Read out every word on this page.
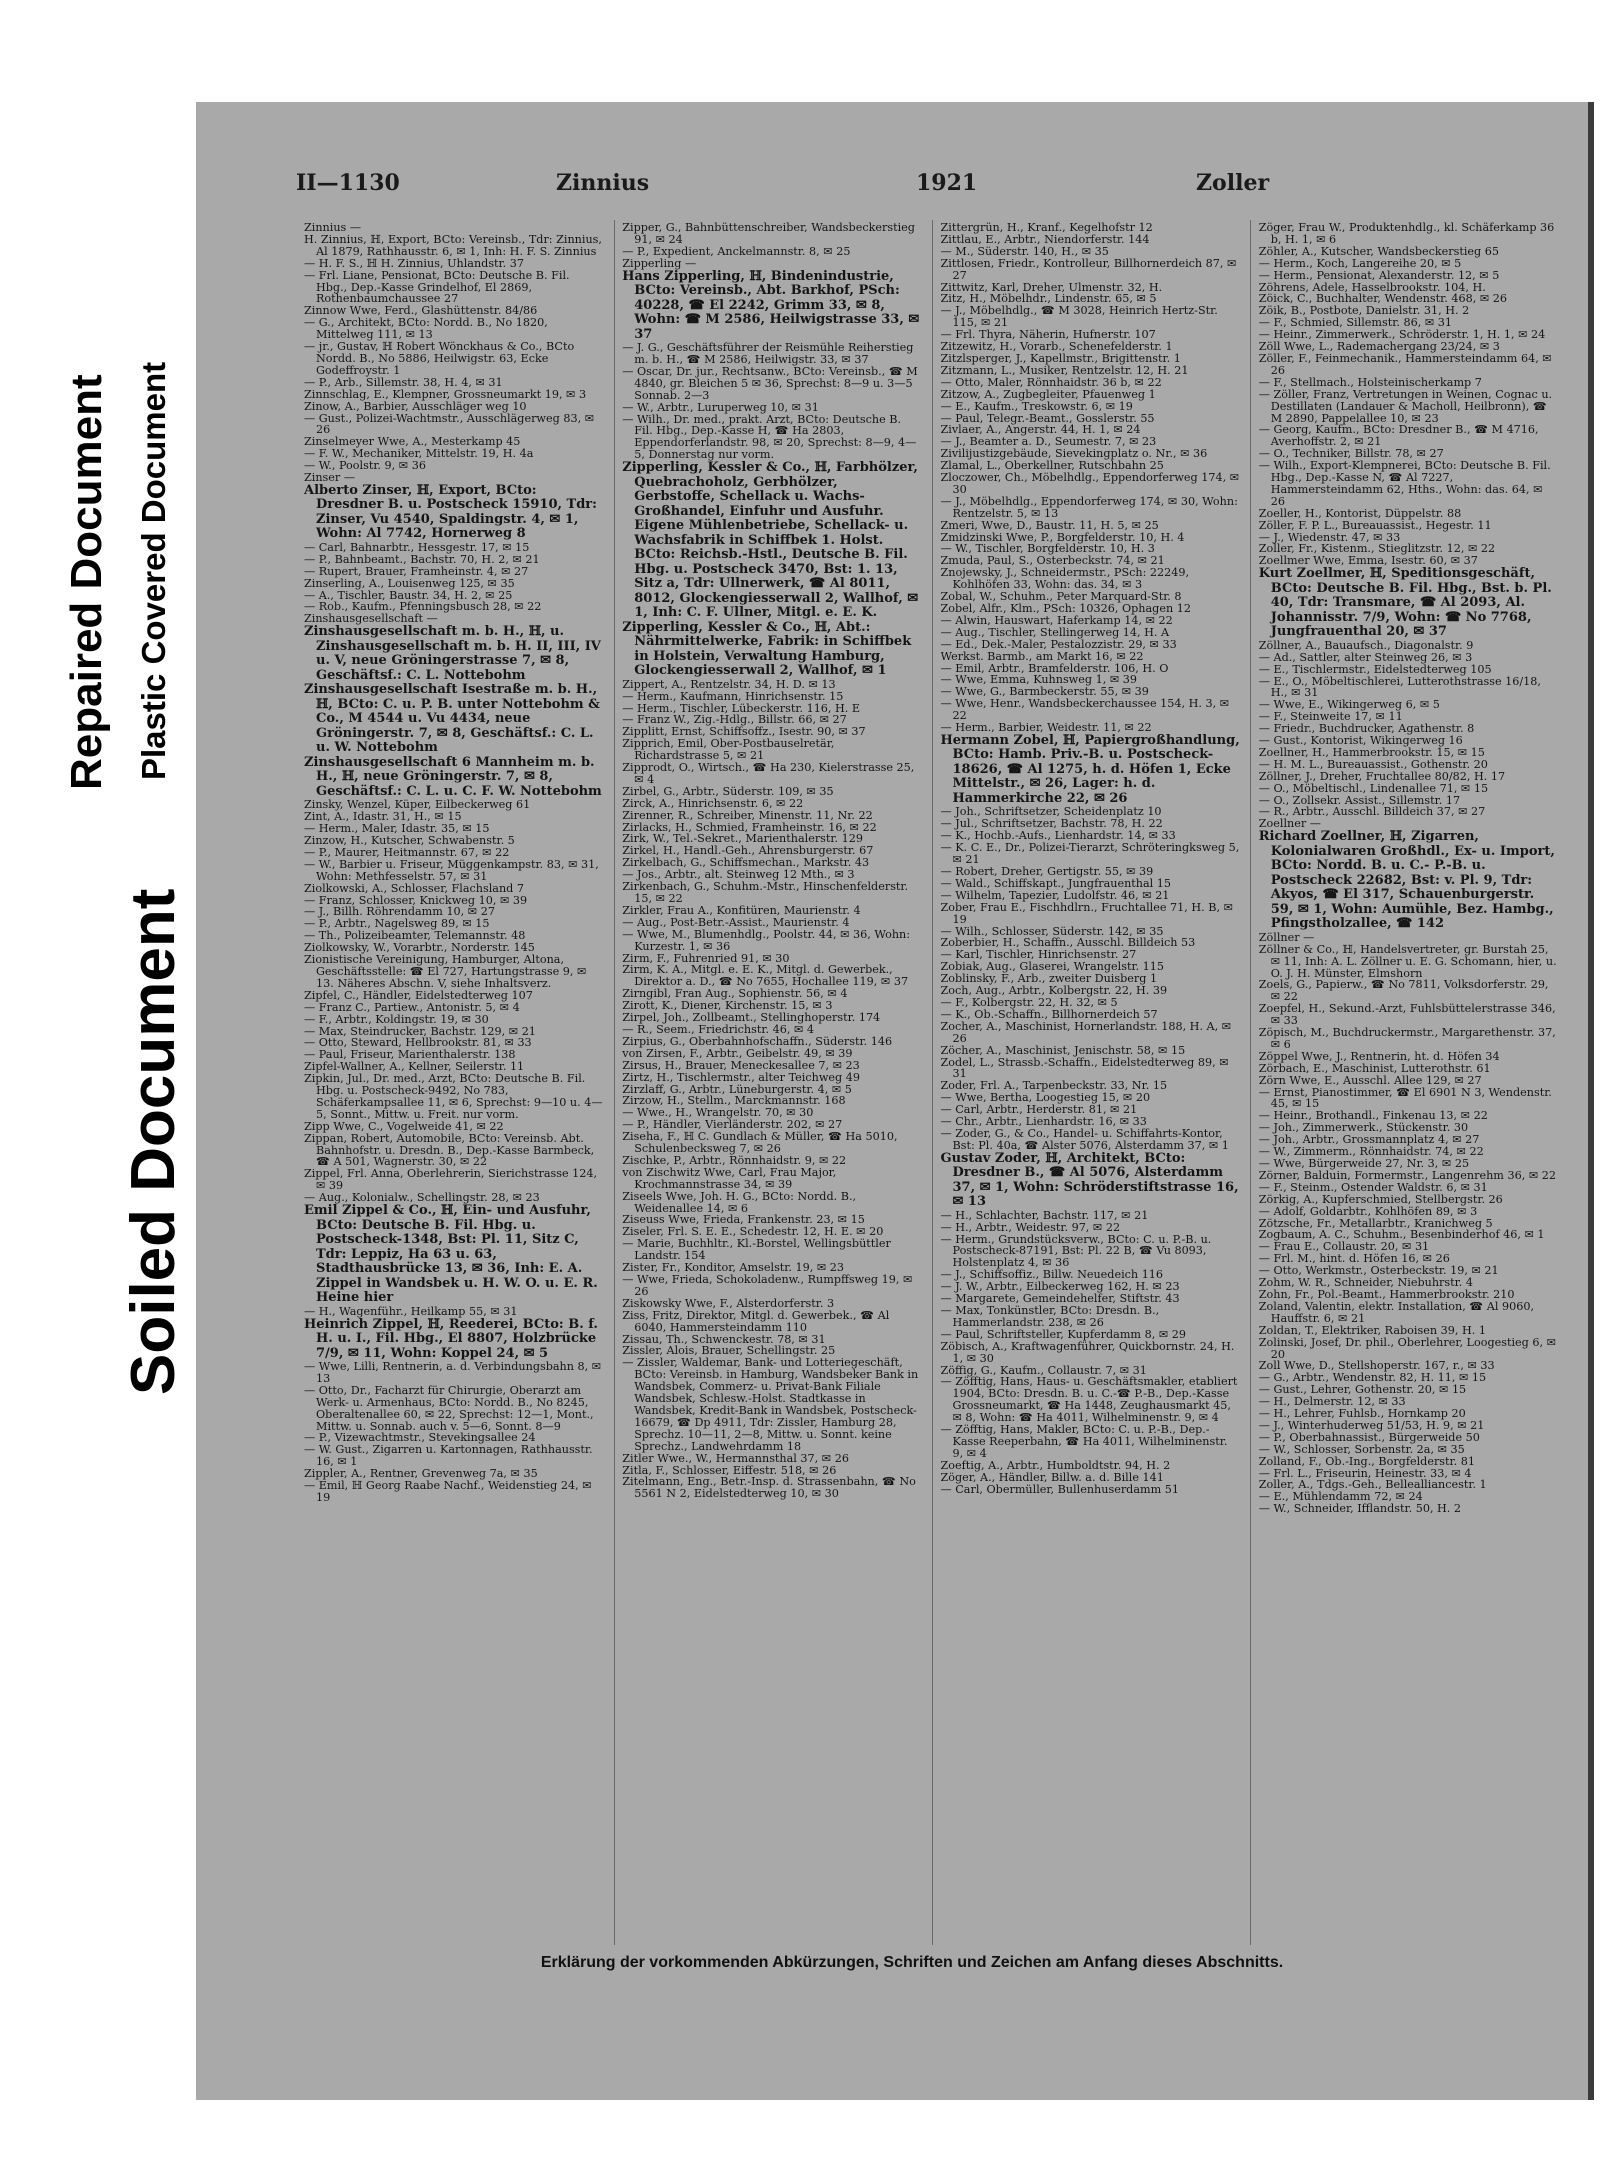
Repaired Document Plastic Covered Document
Soiled Document
II—1130	Zinnius	1921	Zoller

Zinnius —

H. Zinnius, ℍ, Export, BCto: Vereinsb., Tdr: Zinnius, Al 1879, Rathhausstr. 6, ✉ 1, Inh: H. F. S. Zinnius

— H. F. S., ℍ H. Zinnius, Uhlandstr. 37

— Frl. Liane, Pensionat, BCto: Deutsche B. Fil. Hbg., Dep.-Kasse Grindelhof, El 2869, Rothenbaumchaussee 27

Zinnow Wwe, Ferd., Glashüttenstr. 84/86

— G., Architekt, BCto: Nordd. B., No 1820, Mittelweg 111, ✉ 13

— jr., Gustav, ℍ Robert Wönckhaus & Co., BCto Nordd. B., No 5886, Heilwigstr. 63, Ecke Godeffroystr. 1

— P., Arb., Sillemstr. 38, H. 4, ✉ 31

Zinnschlag, E., Klempner, Grossneumarkt 19, ✉ 3

Zinow, A., Barbier, Ausschläger weg 10

— Gust., Polizei-Wachtmstr., Ausschlägerweg 83, ✉ 26

Zinselmeyer Wwe, A., Mesterkamp 45

— F. W., Mechaniker, Mittelstr. 19, H. 4a

— W., Poolstr. 9, ✉ 36

Zinser —

Alberto Zinser, ℍ, Export, BCto: Dresdner B. u. Postscheck 15910, Tdr: Zinser, Vu 4540, Spaldingstr. 4, ✉ 1, Wohn: Al 7742, Hornerweg 8

— Carl, Bahnarbtr., Hessgestr. 17, ✉ 15

— P., Bahnbeamt., Bachstr. 70, H. 2, ✉ 21

— Rupert, Brauer, Framheinstr. 4, ✉ 27

Zinserling, A., Louisenweg 125, ✉ 35

— A., Tischler, Baustr. 34, H. 2, ✉ 25

— Rob., Kaufm., Pfenningsbusch 28, ✉ 22

Zinshausgesellschaft —

Zinshausgesellschaft m. b. H., ℍ, u. Zinshausgesellschaft m. b. H. II, III, IV u. V, neue Gröningerstrasse 7, ✉ 8, Geschäftsf.: C. L. Nottebohm

Zinshausgesellschaft Isestraße m. b. H., ℍ, BCto: C. u. P. B. unter Nottebohm & Co., M 4544 u. Vu 4434, neue Gröningerstr. 7, ✉ 8, Geschäftsf.: C. L. u. W. Nottebohm

Zinshausgesellschaft 6 Mannheim m. b. H., ℍ, neue Gröningerstr. 7, ✉ 8, Geschäftsf.: C. L. u. C. F. W. Nottebohm

Zinsky, Wenzel, Küper, Eilbeckerweg 61

Zint, A., Idastr. 31, H., ✉ 15

— Herm., Maler, Idastr. 35, ✉ 15

Zinzow, H., Kutscher, Schwabenstr. 5

— P., Maurer, Heitmannstr. 67, ✉ 22

— W., Barbier u. Friseur, Müggenkampstr. 83, ✉ 31, Wohn: Methfesselstr. 57, ✉ 31

Ziolkowski, A., Schlosser, Flachsland 7

— Franz, Schlosser, Knickweg 10, ✉ 39

— J., Billh. Röhrendamm 10, ✉ 27

— P., Arbtr., Nagelsweg 89, ✉ 15

— Th., Polizeibeamter, Telemannstr. 48

Ziolkowsky, W., Vorarbtr., Norderstr. 145

Zionistische Vereinigung, Hamburger, Altona, Geschäftsstelle: ☎ El 727, Hartungstrasse 9, ✉ 13. Näheres Abschn. V, siehe Inhaltsverz.

Zipfel, C., Händler, Eidelstedterweg 107

— Franz C., Partiew., Antonistr. 5, ✉ 4

— F., Arbtr., Koldingstr. 19, ✉ 30

— Max, Steindrucker, Bachstr. 129, ✉ 21

— Otto, Steward, Hellbrookstr. 81, ✉ 33

— Paul, Friseur, Marienthalerstr. 138

Zipfel-Wallner, A., Kellner, Seilerstr. 11

Zipkin, Jul., Dr. med., Arzt, BCto: Deutsche B. Fil. Hbg. u. Postscheck-9492, No 783, Schäferkampsallee 11, ✉ 6, Sprechst: 9—10 u. 4—5, Sonnt., Mittw. u. Freit. nur vorm.

Zipp Wwe, C., Vogelweide 41, ✉ 22

Zippan, Robert, Automobile, BCto: Vereinsb. Abt. Bahnhofstr. u. Dresdn. B., Dep.-Kasse Barmbeck, ☎ A 501, Wagnerstr. 30, ✉ 22

Zippel, Frl. Anna, Oberlehrerin, Sierichstrasse 124, ✉ 39

— Aug., Kolonialw., Schellingstr. 28, ✉ 23

Emil Zippel & Co., ℍ, Ein- und Ausfuhr, BCto: Deutsche B. Fil. Hbg. u. Postscheck-1348, Bst: Pl. 11, Sitz C, Tdr: Leppiz, Ha 63 u. 63, Stadthausbrücke 13, ✉ 36, Inh: E. A. Zippel in Wandsbek u. H. W. O. u. E. R. Heine hier

— H., Wagenführ., Heilkamp 55, ✉ 31

Heinrich Zippel, ℍ, Reederei, BCto: B. f. H. u. I., Fil. Hbg., El 8807, Holzbrücke 7/9, ✉ 11, Wohn: Koppel 24, ✉ 5

— Wwe, Lilli, Rentnerin, a. d. Verbindungsbahn 8, ✉ 13

— Otto, Dr., Facharzt für Chirurgie, Oberarzt am Werk- u. Armenhaus, BCto: Nordd. B., No 8245, Oberaltenallee 60, ✉ 22, Sprechst: 12—1, Mont., Mittw. u. Sonnab. auch v. 5—6, Sonnt. 8—9

— P., Vizewachtmstr., Stevekingsallee 24

— W. Gust., Zigarren u. Kartonnagen, Rathhausstr. 16, ✉ 1

Zippler, A., Rentner, Grevenweg 7a, ✉ 35

— Emil, ℍ Georg Raabe Nachf., Weidenstieg 24, ✉ 19

Zipper, G., Bahnbüttenschreiber, Wandsbeckerstieg 91, ✉ 24

— P., Expedient, Anckelmannstr. 8, ✉ 25

Zipperling —

Hans Zipperling, ℍ, Bindenindustrie, BCto: Vereinsb., Abt. Barkhof, PSch: 40228, ☎ El 2242, Grimm 33, ✉ 8, Wohn: ☎ M 2586, Heilwigstrasse 33, ✉ 37

— J. G., Geschäftsführer der Reismühle Reiherstieg m. b. H., ☎ M 2586, Heilwigstr. 33, ✉ 37

— Oscar, Dr. jur., Rechtsanw., BCto: Vereinsb., ☎ M 4840, gr. Bleichen 5 ✉ 36, Sprechst: 8—9 u. 3—5 Sonnab. 2—3

— W., Arbtr., Luruperweg 10, ✉ 31

— Wilh., Dr. med., prakt. Arzt, BCto: Deutsche B. Fil. Hbg., Dep.-Kasse H, ☎ Ha 2803, Eppendorferlandstr. 98, ✉ 20, Sprechst: 8—9, 4—5, Donnerstag nur vorm.

Zipperling, Kessler & Co., ℍ, Farbhölzer, Quebrachoholz, Gerbhölzer, Gerbstoffe, Schellack u. Wachs-Großhandel, Einfuhr und Ausfuhr. Eigene Mühlenbetriebe, Schellack- u. Wachsfabrik in Schiffbek 1. Holst. BCto: Reichsb.-Hstl., Deutsche B. Fil. Hbg. u. Postscheck 3470, Bst: 1. 13, Sitz a, Tdr: Ullnerwerk, ☎ Al 8011, 8012, Glockengiesserwall 2, Wallhof, ✉ 1, Inh: C. F. Ullner, Mitgl. e. E. K.

Zipperling, Kessler & Co., ℍ, Abt.: Nährmittelwerke, Fabrik: in Schiffbek in Holstein, Verwaltung Hamburg, Glockengiesserwall 2, Wallhof, ✉ 1

Zippert, A., Rentzelstr. 34, H. D. ✉ 13

— Herm., Kaufmann, Hinrichsenstr. 15

— Herm., Tischler, Lübeckerstr. 116, H. E

— Franz W., Zig.-Hdlg., Billstr. 66, ✉ 27

Zipplitt, Ernst, Schiffsoffz., Isestr. 90, ✉ 37

Zipprich, Emil, Ober-Postbauselretär, Richardstrasse 5, ✉ 21

Zipprodt, O., Wirtsch., ☎ Ha 230, Kielerstrasse 25, ✉ 4

Zirbel, G., Arbtr., Süderstr. 109, ✉ 35

Zirck, A., Hinrichsenstr. 6, ✉ 22

Zirenner, R., Schreiber, Minenstr. 11, Nr. 22

Zirlacks, H., Schmied, Framheinstr. 16, ✉ 22

Zirk, W., Tel.-Sekret., Marienthalerstr. 129

Zirkel, H., Handl.-Geh., Ahrensburgerstr. 67

Zirkelbach, G., Schiffsmechan., Markstr. 43

— Jos., Arbtr., alt. Steinweg 12 Mth., ✉ 3

Zirkenbach, G., Schuhm.-Mstr., Hinschenfelderstr. 15, ✉ 22

Zirkler, Frau A., Konfitüren, Maurienstr. 4

— Aug., Post-Betr.-Assist., Maurienstr. 4

— Wwe, M., Blumenhdlg., Poolstr. 44, ✉ 36, Wohn: Kurzestr. 1, ✉ 36

Zirm, F., Fuhrenried 91, ✉ 30

Zirm, K. A., Mitgl. e. E. K., Mitgl. d. Gewerbek., Direktor a. D., ☎ No 7655, Hochallee 119, ✉ 37

Zirngibl, Fran Aug., Sophienstr. 56, ✉ 4

Zirott, K., Diener, Kirchenstr. 15, ✉ 3

Zirpel, Joh., Zollbeamt., Stellinghoperstr. 174

— R., Seem., Friedrichstr. 46, ✉ 4

Zirpius, G., Oberbahnhofschaffn., Süderstr. 146

von Zirsen, F., Arbtr., Geibelstr. 49, ✉ 39

Zirsus, H., Brauer, Meneckesallee 7, ✉ 23

Zirtz, H., Tischlermstr., alter Teichweg 49

Zirzlaff, G., Arbtr., Lüneburgerstr. 4, ✉ 5

Zirzow, H., Stellm., Marckmannstr. 168

— Wwe., H., Wrangelstr. 70, ✉ 30

— P., Händler, Vierländerstr. 202, ✉ 27

Ziseha, F., ℍ C. Gundlach & Müller, ☎ Ha 5010, Schulenbecksweg 7, ✉ 26

Zischke, P., Arbtr., Rönnhaidstr. 9, ✉ 22

von Zischwitz Wwe, Carl, Frau Major, Krochmannstrasse 34, ✉ 39

Ziseels Wwe, Joh. H. G., BCto: Nordd. B., Weidenallee 14, ✉ 6

Ziseuss Wwe, Frieda, Frankenstr. 23, ✉ 15

Ziseler, Frl. S. E. E., Schedestr. 12, H. E. ✉ 20

— Marie, Buchhltr., Kl.-Borstel, Wellingsbüttler Landstr. 154

Zister, Fr., Konditor, Amselstr. 19, ✉ 23

— Wwe, Frieda, Schokoladenw., Rumpffsweg 19, ✉ 26

Ziskowsky Wwe, F., Alsterdorferstr. 3

Ziss, Fritz, Direktor, Mitgl. d. Gewerbek., ☎ Al 6040, Hammersteindamm 110

Zissau, Th., Schwenckestr. 78, ✉ 31

Zissler, Alois, Brauer, Schellingstr. 25

— Zissler, Waldemar, Bank- und Lotteriegeschäft, BCto: Vereinsb. in Hamburg, Wandsbeker Bank in Wandsbek, Commerz- u. Privat-Bank Filiale Wandsbek, Schlesw.-Holst. Stadtkasse in Wandsbek, Kredit-Bank in Wandsbek, Postscheck-16679, ☎ Dp 4911, Tdr: Zissler, Hamburg 28, Sprechz. 10—11, 2—8, Mittw. u. Sonnt. keine Sprechz., Landwehrdamm 18

Zitler Wwe., W., Hermannsthal 37, ✉ 26

Zitla, F., Schlosser, Eiffestr. 518, ✉ 26

Zitelmann, Eng., Betr.-Insp. d. Strassenbahn, ☎ No 5561 N 2, Eidelstedterweg 10, ✉ 30

Zittergrün, H., Kranf., Kegelhofstr 12

Zittlau, E., Arbtr., Niendorferstr. 144

— M., Süderstr. 140, H., ✉ 35

Zittlosen, Friedr., Kontrolleur, Billhornerdeich 87, ✉ 27

Zittwitz, Karl, Dreher, Ulmenstr. 32, H.

Zitz, H., Möbelhdr., Lindenstr. 65, ✉ 5

— J., Möbelhdlg., ☎ M 3028, Heinrich Hertz-Str. 115, ✉ 21

— Frl. Thyra, Näherin, Hufnerstr. 107

Zitzewitz, H., Vorarb., Schenefelderstr. 1

Zitzlsperger, J., Kapellmstr., Brigittenstr. 1

Zitzmann, L., Musiker, Rentzelstr. 12, H. 21

— Otto, Maler, Rönnhaidstr. 36 b, ✉ 22

Zitzow, A., Zugbegleiter, Pfauenweg 1

— E., Kaufm., Treskowstr. 6, ✉ 19

— Paul, Telegr.-Beamt., Gosslerstr. 55

Zivlaer, A., Angerstr. 44, H. 1, ✉ 24

— J., Beamter a. D., Seumestr. 7, ✉ 23

Zivilijustizgebäude, Sievekingplatz o. Nr., ✉ 36

Zlamal, L., Oberkellner, Rutschbahn 25

Zloczower, Ch., Möbelhdlg., Eppendorferweg 174, ✉ 30

— J., Möbelhdlg., Eppendorferweg 174, ✉ 30, Wohn: Rentzelstr. 5, ✉ 13

Zmeri, Wwe, D., Baustr. 11, H. 5, ✉ 25

Zmidzinski Wwe, P., Borgfelderstr. 10, H. 4

— W., Tischler, Borgfelderstr. 10, H. 3

Zmuda, Paul, S., Osterbeckstr. 74, ✉ 21

Znojewsky, J., Schneidermstr., PSch: 22249, Kohlhöfen 33, Wohn: das. 34, ✉ 3

Zobal, W., Schuhm., Peter Marquard-Str. 8

Zobel, Alfr., Klm., PSch: 10326, Ophagen 12

— Alwin, Hauswart, Haferkamp 14, ✉ 22

— Aug., Tischler, Stellingerweg 14, H. A

— Ed., Dek.-Maler, Pestalozzistr. 29, ✉ 33

Werkst. Barmb., am Markt 16, ✉ 22

— Emil, Arbtr., Bramfelderstr. 106, H. O

— Wwe, Emma, Kuhnsweg 1, ✉ 39

— Wwe, G., Barmbeckerstr. 55, ✉ 39

— Wwe, Henr., Wandsbeckerchaussee 154, H. 3, ✉ 22

— Herm., Barbier, Weidestr. 11, ✉ 22

Hermann Zobel, ℍ, Papiergroßhandlung, BCto: Hamb. Priv.-B. u. Postscheck-18626, ☎ Al 1275, h. d. Höfen 1, Ecke Mittelstr., ✉ 26, Lager: h. d. Hammerkirche 22, ✉ 26

— Joh., Schriftsetzer, Scheidenplatz 10

— Jul., Schriftsetzer, Bachstr. 78, H. 22

— K., Hochb.-Aufs., Lienhardstr. 14, ✉ 33

— K. C. E., Dr., Polizei-Tierarzt, Schröteringksweg 5, ✉ 21

— Robert, Dreher, Gertigstr. 55, ✉ 39

— Wald., Schiffskapt., Jungfrauenthal 15

— Wilhelm, Tapezier, Ludolfstr. 46, ✉ 21

Zober, Frau E., Fischhdlrn., Fruchtallee 71, H. B, ✉ 19

— Wilh., Schlosser, Süderstr. 142, ✉ 35

Zoberbier, H., Schaffn., Ausschl. Billdeich 53

— Karl, Tischler, Hinrichsenstr. 27

Zobiak, Aug., Glaserei, Wrangelstr. 115

Zoblinsky, F., Arb., zweiter Duisberg 1

Zoch, Aug., Arbtr., Kolbergstr. 22, H. 39

— F., Kolbergstr. 22, H. 32, ✉ 5

— K., Ob.-Schaffn., Billhornerdeich 57

Zocher, A., Maschinist, Hornerlandstr. 188, H. A, ✉ 26

Zöcher, A., Maschinist, Jenischstr. 58, ✉ 15

Zodel, L., Strassb.-Schaffn., Eidelstedterweg 89, ✉ 31

Zoder, Frl. A., Tarpenbeckstr. 33, Nr. 15

— Wwe, Bertha, Loogestieg 15, ✉ 20

— Carl, Arbtr., Herderstr. 81, ✉ 21

— Chr., Arbtr., Lienhardstr. 16, ✉ 33

— Zoder, G., & Co., Handel- u. Schiffahrts-Kontor, Bst: Pl. 40a, ☎ Alster 5076, Alsterdamm 37, ✉ 1

Gustav Zoder, ℍ, Architekt, BCto: Dresdner B., ☎ Al 5076, Alsterdamm 37, ✉ 1, Wohn: Schröderstiftstrasse 16, ✉ 13

— H., Schlachter, Bachstr. 117, ✉ 21

— H., Arbtr., Weidestr. 97, ✉ 22

— Herm., Grundstücksverw., BCto: C. u. P.-B. u. Postscheck-87191, Bst: Pl. 22 B, ☎ Vu 8093, Holstenplatz 4, ✉ 36

— J., Schiffsoffiz., Billw. Neuedeich 116

— J. W., Arbtr., Eilbeckerweg 162, H. ✉ 23

— Margarete, Gemeindehelfer, Stiftstr. 43

— Max, Tonkünstler, BCto: Dresdn. B., Hammerlandstr. 238, ✉ 26

— Paul, Schriftsteller, Kupferdamm 8, ✉ 29

Zöbisch, A., Kraftwagenführer, Quickbornstr. 24, H. 1, ✉ 30

Zöffig, G., Kaufm., Collaustr. 7, ✉ 31

— Zöfftig, Hans, Haus- u. Geschäftsmakler, etabliert 1904, BCto: Dresdn. B. u. C.-☎ P.-B., Dep.-Kasse Grossneumarkt, ☎ Ha 1448, Zeughausmarkt 45, ✉ 8, Wohn: ☎ Ha 4011, Wilhelminenstr. 9, ✉ 4

— Zöfftig, Hans, Makler, BCto: C. u. P.-B., Dep.-Kasse Reeperbahn, ☎ Ha 4011, Wilhelminenstr. 9, ✉ 4

Zoeftig, A., Arbtr., Humboldtstr. 94, H. 2

Zöger, A., Händler, Billw. a. d. Bille 141

— Carl, Obermüller, Bullenhuserdamm 51

Zöger, Frau W., Produktenhdlg., kl. Schäferkamp 36 b, H. 1, ✉ 6

Zöhler, A., Kutscher, Wandsbeckerstieg 65

— Herm., Koch, Langereihe 20, ✉ 5

— Herm., Pensionat, Alexanderstr. 12, ✉ 5

Zöhrens, Adele, Hasselbrookstr. 104, H.

Zöick, C., Buchhalter, Wendenstr. 468, ✉ 26

Zöik, B., Postbote, Danielstr. 31, H. 2

— F., Schmied, Sillemstr. 86, ✉ 31

— Heinr., Zimmerwerk., Schröderstr. 1, H. 1, ✉ 24

Zöll Wwe, L., Rademachergang 23/24, ✉ 3

Zöller, F., Feinmechanik., Hammersteindamm 64, ✉ 26

— F., Stellmach., Holsteinischerkamp 7

— Zöller, Franz, Vertretungen in Weinen, Cognac u. Destillaten (Landauer & Macholl, Heilbronn), ☎ M 2890, Pappelallee 10, ✉ 23

— Georg, Kaufm., BCto: Dresdner B., ☎ M 4716, Averhoffstr. 2, ✉ 21

— O., Techniker, Billstr. 78, ✉ 27

— Wilh., Export-Klempnerei, BCto: Deutsche B. Fil. Hbg., Dep.-Kasse N, ☎ Al 7227, Hammersteindamm 62, Hths., Wohn: das. 64, ✉ 26

Zoeller, H., Kontorist, Düppelstr. 88

Zöller, F. P. L., Bureauassist., Hegestr. 11

— J., Wiedenstr. 47, ✉ 33

Zoller, Fr., Kistenm., Stieglitzstr. 12, ✉ 22

Zoellmer Wwe, Emma, Isestr. 60, ✉ 37

Kurt Zoellmer, ℍ, Speditionsgeschäft, BCto: Deutsche B. Fil. Hbg., Bst. b. Pl. 40, Tdr: Transmare, ☎ Al 2093, Al. Johannisstr. 7/9, Wohn: ☎ No 7768, Jungfrauenthal 20, ✉ 37

Zöllner, A., Bauaufsch., Diagonalstr. 9

— Ad., Sattler, alter Steinweg 26, ✉ 3

— E., Tischlermstr., Eidelstedterweg 105

— E., O., Möbeltischlerei, Lutterothstrasse 16/18, H., ✉ 31

— Wwe, E., Wikingerweg 6, ✉ 5

— F., Steinweite 17, ✉ 11

— Friedr., Buchdrucker, Agathenstr. 8

— Gust., Kontorist, Wikingerweg 16

Zoellner, H., Hammerbrookstr. 15, ✉ 15

— H. M. L., Bureauassist., Gothenstr. 20

Zöllner, J., Dreher, Fruchtallee 80/82, H. 17

— O., Möbeltischl., Lindenallee 71, ✉ 15

— O., Zollsekr. Assist., Sillemstr. 17

— R., Arbtr., Ausschl. Billdeich 37, ✉ 27

Zoellner —

Richard Zoellner, ℍ, Zigarren, Kolonialwaren Großhdl., Ex- u. Import, BCto: Nordd. B. u. C.- P.-B. u. Postscheck 22682, Bst: v. Pl. 9, Tdr: Akyos, ☎ El 317, Schauenburgerstr. 59, ✉ 1, Wohn: Aumühle, Bez. Hambg., Pfingstholzallee, ☎ 142

Zöllner —

Zöllner & Co., ℍ, Handelsvertreter, gr. Burstah 25, ✉ 11, Inh: A. L. Zöllner u. E. G. Schomann, hier, u. O. J. H. Münster, Elmshorn

Zoels, G., Papierw., ☎ No 7811, Volksdorferstr. 29, ✉ 22

Zoepfel, H., Sekund.-Arzt, Fuhlsbüttelerstrasse 346, ✉ 33

Zöpisch, M., Buchdruckermstr., Margarethenstr. 37, ✉ 6

Zöppel Wwe, J., Rentnerin, ht. d. Höfen 34

Zörbach, E., Maschinist, Lutterothstr. 61

Zörn Wwe, E., Ausschl. Allee 129, ✉ 27

— Ernst, Pianostimmer, ☎ El 6901 N 3, Wendenstr. 45, ✉ 15

— Heinr., Brothandl., Finkenau 13, ✉ 22

— Joh., Zimmerwerk., Stückenstr. 30

— Joh., Arbtr., Grossmannplatz 4, ✉ 27

— W., Zimmerm., Rönnhaidstr. 74, ✉ 22

— Wwe, Bürgerweide 27, Nr. 3, ✉ 25

Zörner, Balduin, Formermstr., Langenrehm 36, ✉ 22

— F., Steinm., Ostender Waldstr. 6, ✉ 31

Zörkig, A., Kupferschmied, Stellbergstr. 26

— Adolf, Goldarbtr., Kohlhöfen 89, ✉ 3

Zötzsche, Fr., Metallarbtr., Kranichweg 5

Zogbaum, A. C., Schuhm., Besenbinderhof 46, ✉ 1

— Frau E., Collaustr. 20, ✉ 31

— Frl. M., hint. d. Höfen 16, ✉ 26

— Otto, Werkmstr., Osterbeckstr. 19, ✉ 21

Zohm, W. R., Schneider, Niebuhrstr. 4

Zohn, Fr., Pol.-Beamt., Hammerbrookstr. 210

Zoland, Valentin, elektr. Installation, ☎ Al 9060, Hauffstr. 6, ✉ 21

Zoldan, T., Elektriker, Raboisen 39, H. 1

Zolinski, Josef, Dr. phil., Oberlehrer, Loogestieg 6, ✉ 20

Zoll Wwe, D., Stellshoperstr. 167, r., ✉ 33

— G., Arbtr., Wendenstr. 82, H. 11, ✉ 15

— Gust., Lehrer, Gothenstr. 20, ✉ 15

— H., Delmerstr. 12, ✉ 33

— H., Lehrer, Fuhlsb., Hornkamp 20

— J., Winterhuderweg 51/53, H. 9, ✉ 21

— P., Oberbahnassist., Bürgerweide 50

— W., Schlosser, Sorbenstr. 2a, ✉ 35

Zolland, F., Ob.-Ing., Borgfelderstr. 81

— Frl. L., Friseurin, Heinestr. 33, ✉ 4

Zoller, A., Tdgs.-Geh., Bellealliancestr. 1

— E., Mühlendamm 72, ✉ 24

— W., Schneider, Ifflandstr. 50, H. 2

Erklärung der vorkommenden Abkürzungen, Schriften und Zeichen am Anfang dieses Abschnitts.
